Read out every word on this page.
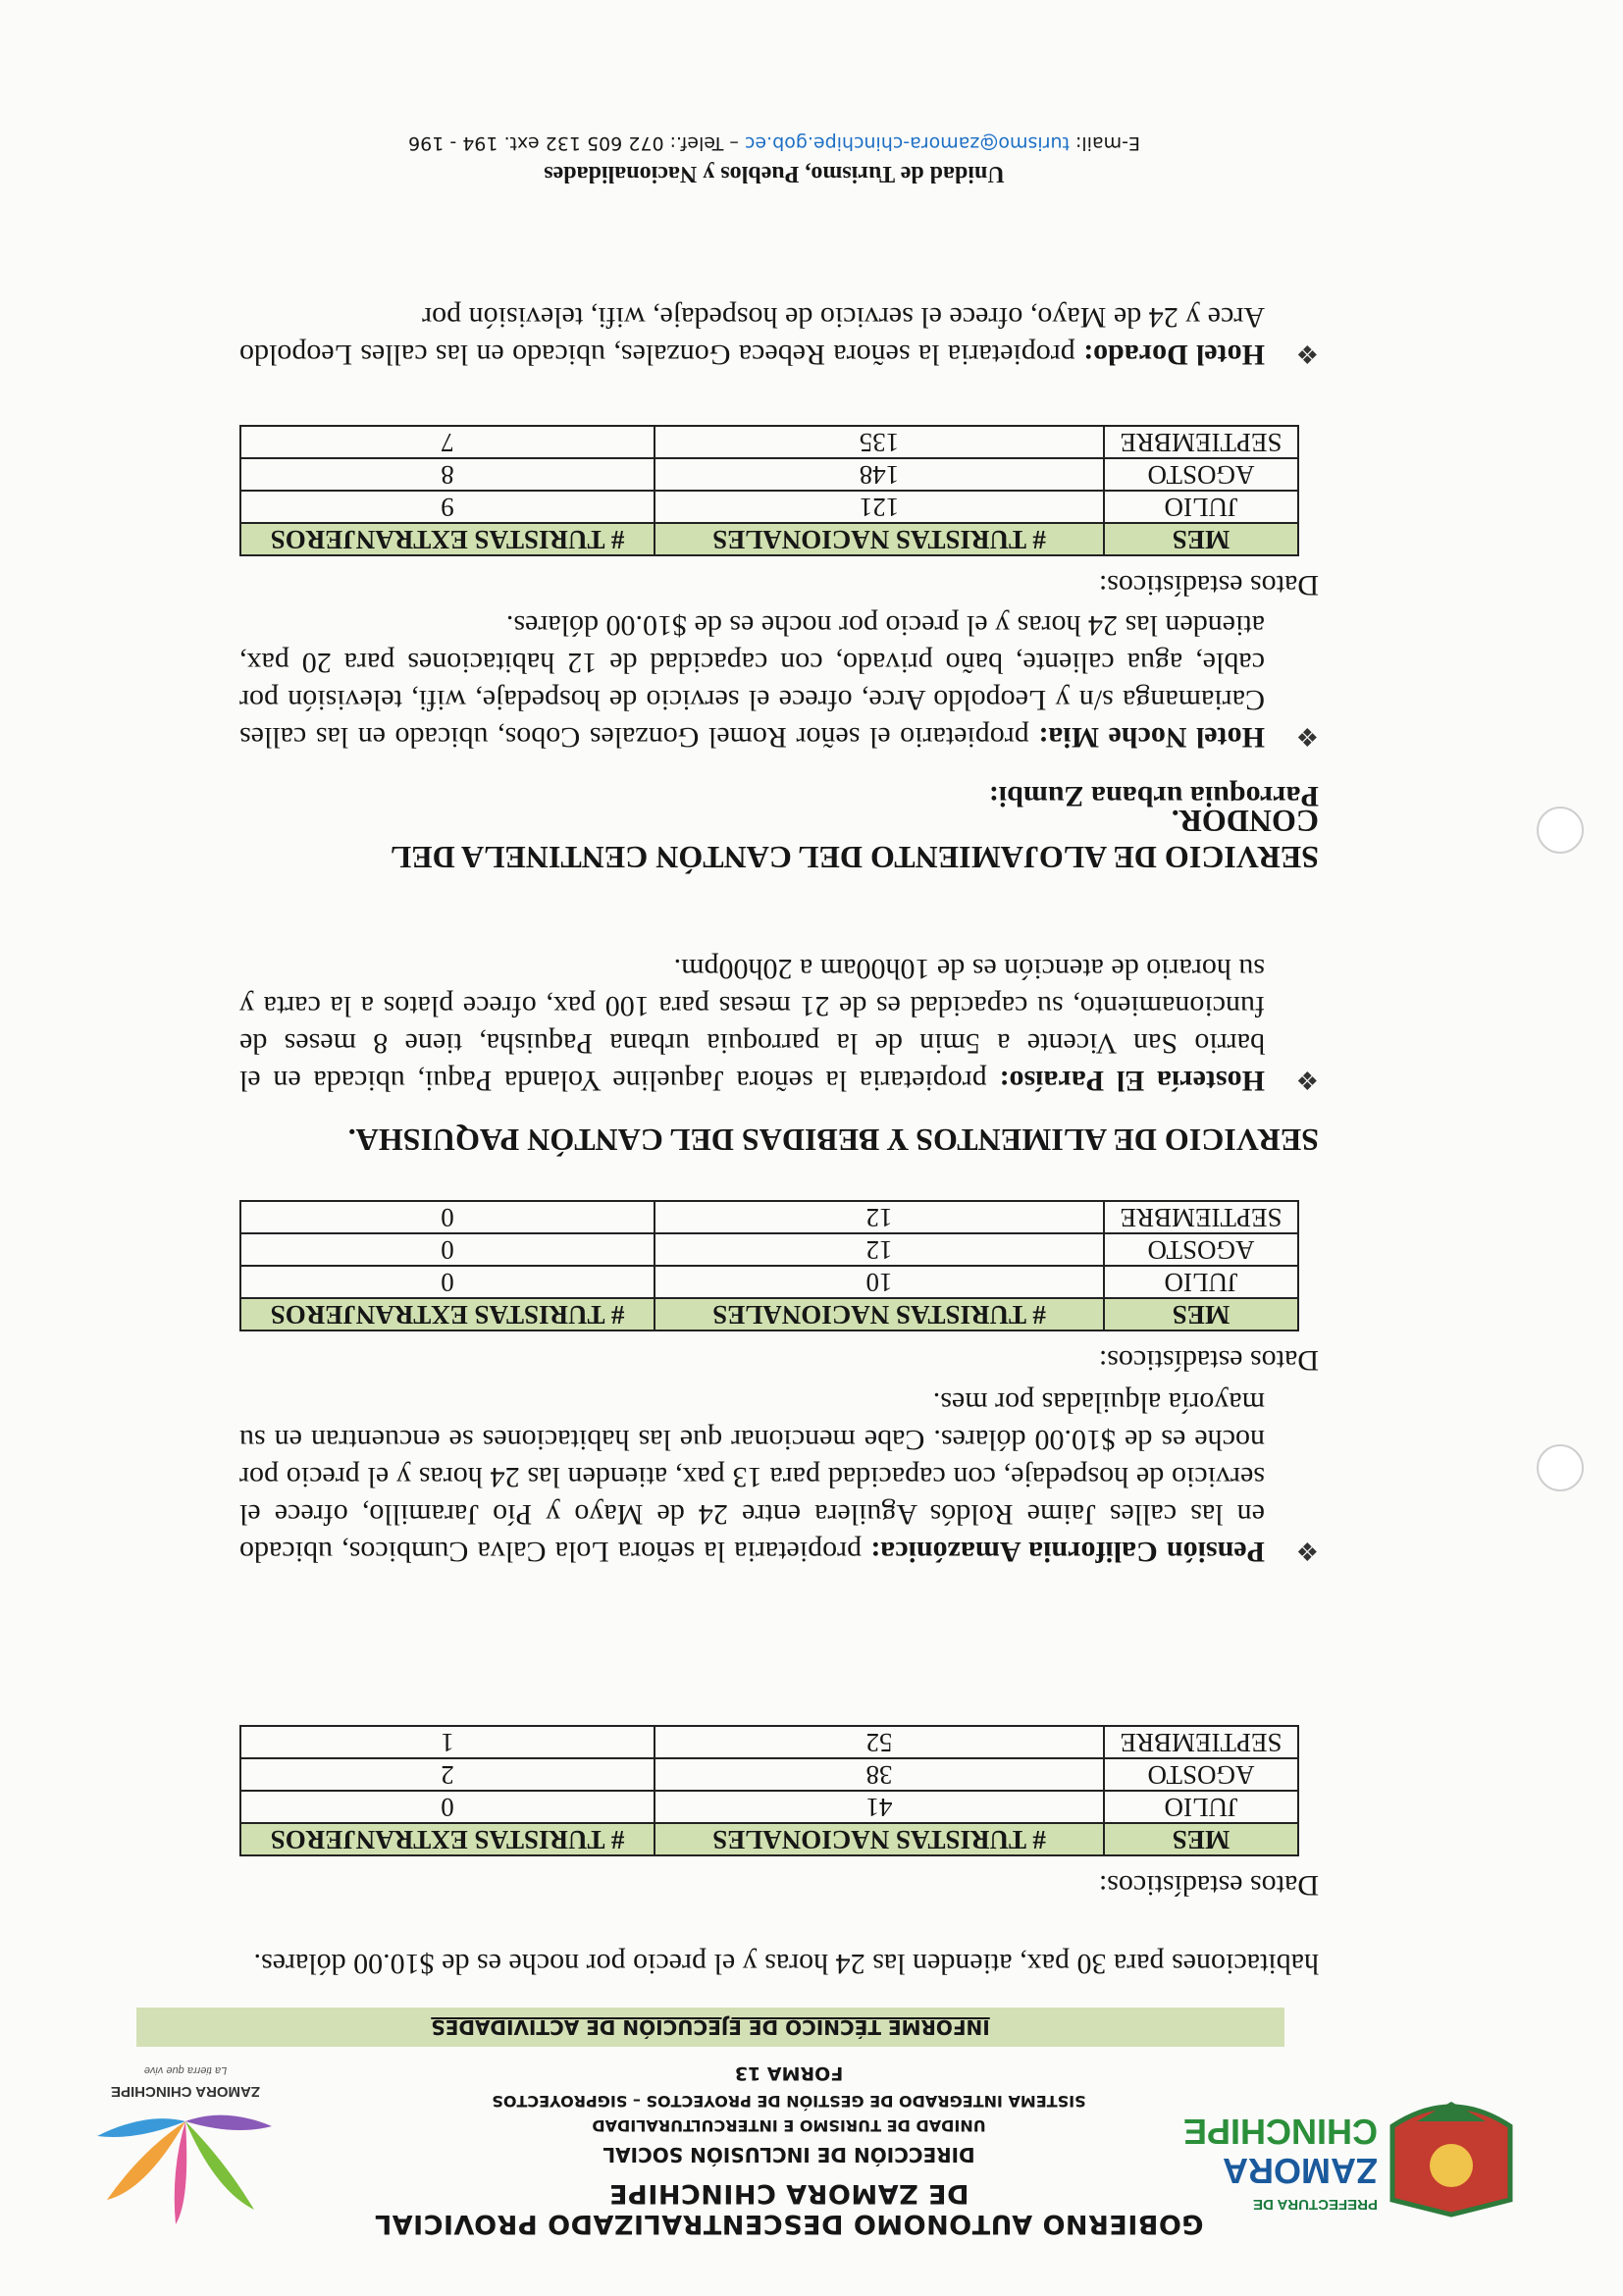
PREFECTURA DE
ZAMORA
CHINCHIPE
GOBIERNO AUTONOMO DESCENTRALIZADO PROVICIAL DE ZAMORA CHINCHIPE
DIRECCIÓN DE INCLUSIÓN SOCIAL
UNIDAD DE TURISMO E INTERCULTURALIDAD
SISTEMA INTEGRADO DE GESTIÓN DE PROYECTOS – SIGPROYECTOS
FORMA 13
ZAMORA CHINCHIPE
La tierra que vive
INFORME TÉCNICO DE EJECUCIÓN DE ACTIVIDADES
habitaciones para 30 pax, atienden las 24 horas y el precio por noche es de $10.00 dólares.
Datos estadísticos:
MES	# TURISTAS NACIONALES	# TURISTAS EXTRANJEROS
JULIO	41	0
AGOSTO	38	2
SEPTIEMBRE	52	1
❖
Pensión California Amazónica: propietaria la señora Lola Calva Cumbicos, ubicado en las calles Jaime Roldós Aguilera entre 24 de Mayo y Pío Jaramillo, ofrece el servicio de hospedaje, con capacidad para 13 pax, atienden las 24 horas y el precio por noche es de $10.00 dólares. Cabe mencionar que las habitaciones se encuentran en su mayoría alquiladas por mes.
Datos estadísticos:
MES	# TURISTAS NACIONALES	# TURISTAS EXTRANJEROS
JULIO	10	0
AGOSTO	12	0
SEPTIEMBRE	12	0
SERVICIO DE ALIMENTOS Y BEBIDAS DEL CANTÓN PAQUISHA.
❖
Hostería El Paraíso: propietaria la señora Jaqueline Yolanda Paqui, ubicada en el barrio San Vicente a 5min de la parroquia urbana Paquisha, tiene 8 meses de funcionamiento, su capacidad es de 21 mesas para 100 pax, ofrece platos a la carta y su horario de atención es de 10h00am a 20h00pm.
SERVICIO DE ALOJAMIENTO DEL CANTÓN CENTINELA DEL CONDOR.
Parroquia urbana Zumbi:
❖
Hotel Noche Mia: propietario el señor Romel Gonzales Cobos, ubicado en las calles Cariamanga s/n y Leopoldo Arce, ofrece el servicio de hospedaje, wifi, televisión por cable, agua caliente, baño privado, con capacidad de 12 habitaciones para 20 pax, atienden las 24 horas y el precio por noche es de $10.00 dólares.
Datos estadísticos:
MES	# TURISTAS NACIONALES	# TURISTAS EXTRANJEROS
JULIO	121	9
AGOSTO	148	8
SEPTIEMBRE	135	7
❖
Hotel Dorado: propietaria la señora Rebeca Gonzales, ubicado en las calles Leopoldo Arce y 24 de Mayo, ofrece el servicio de hospedaje, wifi, televisión por
Unidad de Turismo, Pueblos y Nacionalidades
E-mail: turismo@zamora-chinchipe.gob.ec – Telef.: 072 605 132 ext. 194 - 196
